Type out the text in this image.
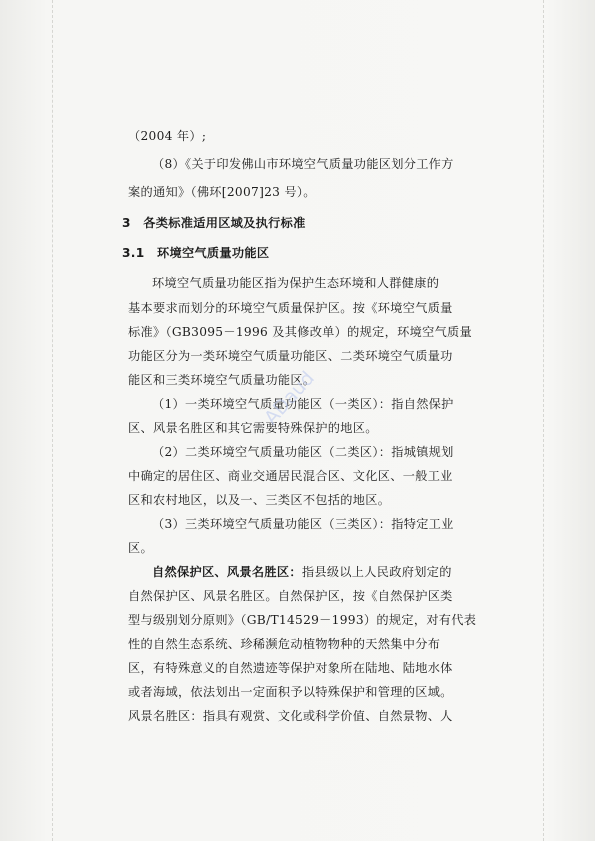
（2004 年）;

（8）《关于印发佛山市环境空气质量功能区划分工作方

案的通知》（佛环[2007]23 号）。

3　各类标准适用区域及执行标准

3.1　环境空气质量功能区

环境空气质量功能区指为保护生态环境和人群健康的

基本要求而划分的环境空气质量保护区。按《环境空气质量

标准》（GB3095－1996 及其修改单）的规定，环境空气质量

功能区分为一类环境空气质量功能区、二类环境空气质量功

能区和三类环境空气质量功能区。

（1）一类环境空气质量功能区（一类区）：指自然保护

区、风景名胜区和其它需要特殊保护的地区。

（2）二类环境空气质量功能区（二类区）：指城镇规划

中确定的居住区、商业交通居民混合区、文化区、一般工业

区和农村地区，以及一、三类区不包括的地区。

（3）三类环境空气质量功能区（三类区）：指特定工业

区。

自然保护区、风景名胜区：指县级以上人民政府划定的

自然保护区、风景名胜区。自然保护区，按《自然保护区类

型与级别划分原则》（GB/T14529－1993）的规定，对有代表

性的自然生态系统、珍稀濒危动植物物种的天然集中分布

区，有特殊意义的自然遗迹等保护对象所在陆地、陆地水体

或者海域，依法划出一定面积予以特殊保护和管理的区域。

风景名胜区：指具有观赏、文化或科学价值、自然景物、人

ADaud
